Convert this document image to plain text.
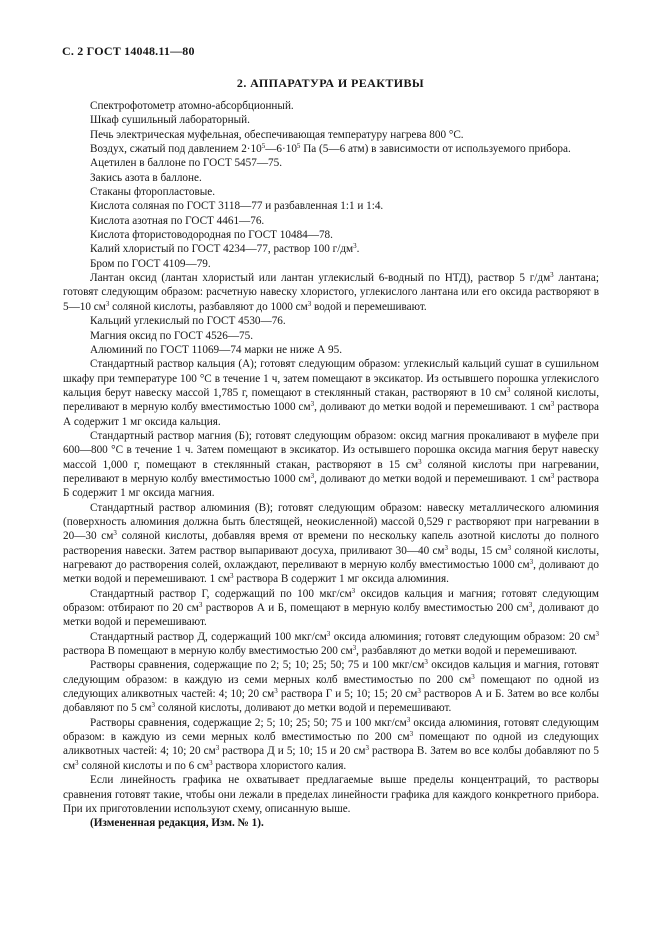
С. 2 ГОСТ 14048.11—80
2. АППАРАТУРА И РЕАКТИВЫ

Спектрофотометр атомно-абсорбционный.

Шкаф сушильный лабораторный.

Печь электрическая муфельная, обеспечивающая температуру нагрева 800 °С.

Воздух, сжатый под давлением $2\cdot 10^5—6\cdot 10^5$ Па (5—6 атм) в зависимости от используемого прибора.

Ацетилен в баллоне по ГОСТ 5457—75.

Закись азота в баллоне.

Стаканы фторопластовые.

Кислота соляная по ГОСТ 3118—77 и разбавленная 1:1 и 1:4.

Кислота азотная по ГОСТ 4461—76.

Кислота фтористоводородная по ГОСТ 10484—78.

Калий хлористый по ГОСТ 4234—77, раствор 100 $г/дм^3$.

Бром по ГОСТ 4109—79.

Лантан оксид (лантан хлористый или лантан углекислый 6-водный по НТД), раствор 5 $г/дм^3$ лантана; готовят следующим образом: расчетную навеску хлористого, углекислого лантана или его оксида растворяют в 5—10 $см^3$ соляной кислоты, разбавляют до 1000 $см^3$ водой и перемешивают.

Кальций углекислый по ГОСТ 4530—76.

Магния оксид по ГОСТ 4526—75.

Алюминий по ГОСТ 11069—74 марки не ниже А 95.

Стандартный раствор кальция (А); готовят следующим образом: углекислый кальций сушат в сушильном шкафу при температуре 100 °С в течение 1 ч, затем помещают в эксикатор. Из остывшего порошка углекислого кальция берут навеску массой 1,785 г, помещают в стеклянный стакан, растворяют в 10 $см^3$ соляной кислоты, переливают в мерную колбу вместимостью 1000 $см^3$, доливают до метки водой и перемешивают. 1 $см^3$ раствора А содержит 1 мг оксида кальция.

Стандартный раствор магния (Б); готовят следующим образом: оксид магния прокаливают в муфеле при 600—800 °С в течение 1 ч. Затем помещают в эксикатор. Из остывшего порошка оксида магния берут навеску массой 1,000 г, помещают в стеклянный стакан, растворяют в 15 $см^3$ соляной кислоты при нагревании, переливают в мерную колбу вместимостью 1000 $см^3$, доливают до метки водой и перемешивают. 1 $см^3$ раствора Б содержит 1 мг оксида магния.

Стандартный раствор алюминия (В); готовят следующим образом: навеску металлического алюминия (поверхность алюминия должна быть блестящей, неокисленной) массой 0,529 г растворяют при нагревании в 20—30 $см^3$ соляной кислоты, добавляя время от времени по нескольку капель азотной кислоты до полного растворения навески. Затем раствор выпаривают досуха, приливают 30—40 $см^3$ воды, 15 $см^3$ соляной кислоты, нагревают до растворения солей, охлаждают, переливают в мерную колбу вместимостью 1000 $см^3$, доливают до метки водой и перемешивают. 1 $см^3$ раствора В содержит 1 мг оксида алюминия.

Стандартный раствор Г, содержащий по 100 мкг/$см^3$ оксидов кальция и магния; готовят следующим образом: отбирают по 20 $см^3$ растворов А и Б, помещают в мерную колбу вместимостью 200 $см^3$, доливают до метки водой и перемешивают.

Стандартный раствор Д, содержащий 100 мкг/$см^3$ оксида алюминия; готовят следующим образом: 20 $см^3$ раствора В помещают в мерную колбу вместимостью 200 $см^3$, разбавляют до метки водой и перемешивают.

Растворы сравнения, содержащие по 2; 5; 10; 25; 50; 75 и 100 мкг/$см^3$ оксидов кальция и магния, готовят следующим образом: в каждую из семи мерных колб вместимостью по 200 $см^3$ помещают по одной из следующих аликвотных частей: 4; 10; 20 $см^3$ раствора Г и 5; 10; 15; 20 $см^3$ растворов А и Б. Затем во все колбы добавляют по 5 $см^3$ соляной кислоты, доливают до метки водой и перемешивают.

Растворы сравнения, содержащие 2; 5; 10; 25; 50; 75 и 100 мкг/$см^3$ оксида алюминия, готовят следующим образом: в каждую из семи мерных колб вместимостью по 200 $см^3$ помещают по одной из следующих аликвотных частей: 4; 10; 20 $см^3$ раствора Д и 5; 10; 15 и 20 $см^3$ раствора В. Затем во все колбы добавляют по 5 $см^3$ соляной кислоты и по 6 $см^3$ раствора хлористого калия.

Если линейность графика не охватывает предлагаемые выше пределы концентраций, то растворы сравнения готовят такие, чтобы они лежали в пределах линейности графика для каждого конкретного прибора. При их приготовлении используют схему, описанную выше.

(Измененная редакция, Изм. № 1).
